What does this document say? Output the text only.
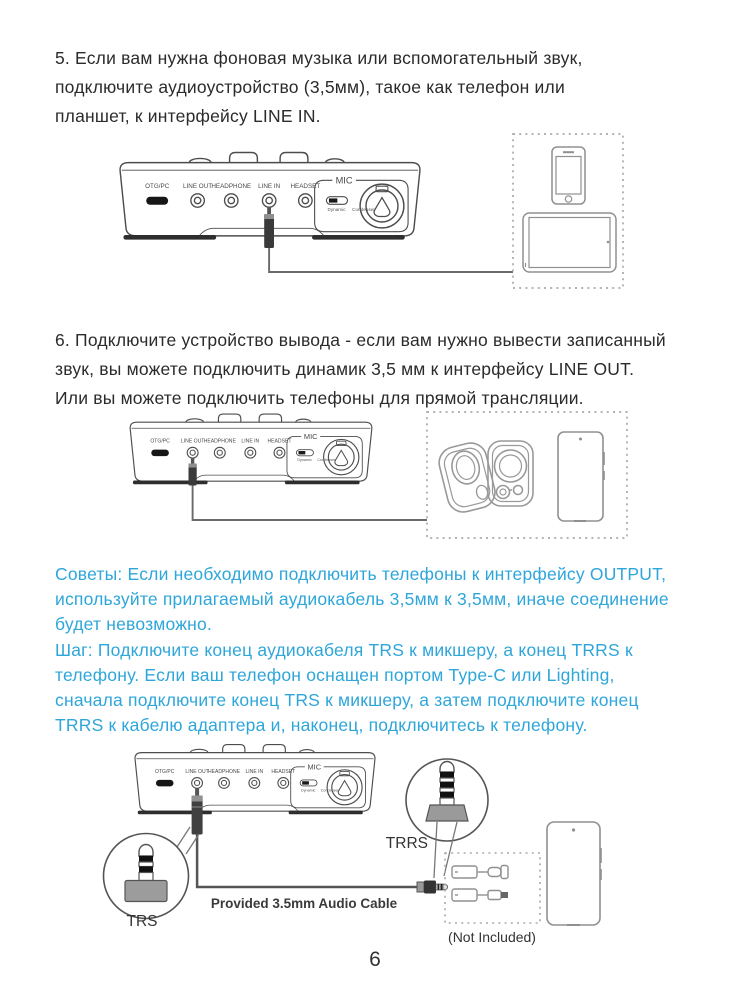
5. Если вам нужна фоновая музыка или вспомогательный звук,
подключите аудиоустройство (3,5мм), такое как телефон или
планшет, к интерфейсу LINE IN.
6. Подключите устройство вывода - если вам нужно вывести записанный
звук, вы можете подключить динамик 3,5 мм к интерфейсу LINE OUT.
Или вы можете подключить телефоны для прямой трансляции.
Советы: Если необходимо подключить телефоны к интерфейсу OUTPUT,
используйте прилагаемый аудиокабель 3,5мм к 3,5мм, иначе соединение
будет невозможно.
Шаг: Подключите конец аудиокабеля TRS к микшеру, а конец TRRS к
телефону. Если ваш телефон оснащен портом Type-C или Lighting,
сначала подключите конец TRS к микшеру, а затем подключите конец
TRRS к кабелю адаптера и, наконец, подключитесь к телефону.
TRS
TRRS
Provided 3.5mm Audio Cable
(Not Included)
6
